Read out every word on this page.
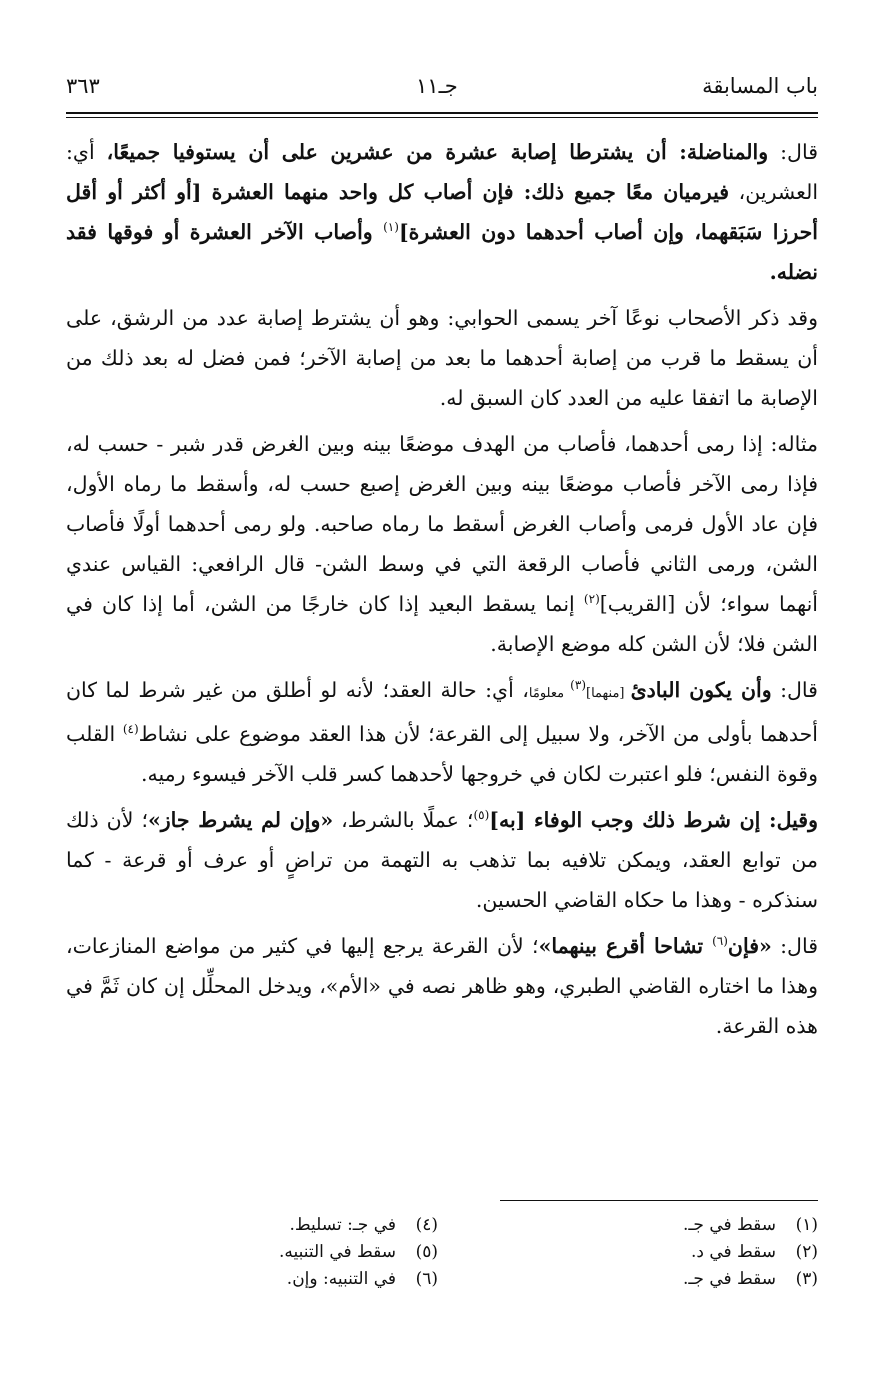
باب المسابقة
جـ١١
٣٦٣

قال: والمناضلة: أن يشترطا إصابة عشرة من عشرين على أن يستوفيا جميعًا، أي: العشرين، فيرميان معًا جميع ذلك: فإن أصاب كل واحد منهما العشرة [أو أكثر أو أقل أحرزا سَبَقهما، وإن أصاب أحدهما دون العشرة]$^{(١)}$ وأصاب الآخر العشرة أو فوقها فقد نضله.

وقد ذكر الأصحاب نوعًا آخر يسمى الحوابي: وهو أن يشترط إصابة عدد من الرشق، على أن يسقط ما قرب من إصابة أحدهما ما بعد من إصابة الآخر؛ فمن فضل له بعد ذلك من الإصابة ما اتفقا عليه من العدد كان السبق له.

مثاله: إذا رمى أحدهما، فأصاب من الهدف موضعًا بينه وبين الغرض قدر شبر - حسب له، فإذا رمى الآخر فأصاب موضعًا بينه وبين الغرض إصبع حسب له، وأسقط ما رماه الأول، فإن عاد الأول فرمى وأصاب الغرض أسقط ما رماه صاحبه. ولو رمى أحدهما أولًا فأصاب الشن، ورمى الثاني فأصاب الرقعة التي في وسط الشن- قال الرافعي: القياس عندي أنهما سواء؛ لأن [القريب]$^{(٢)}$ إنما يسقط البعيد إذا كان خارجًا من الشن، أما إذا كان في الشن فلا؛ لأن الشن كله موضع الإصابة.

قال: وأن يكون البادئ [منهما]$^{(٣)}$ معلومًا، أي: حالة العقد؛ لأنه لو أطلق من غير شرط لما كان أحدهما بأولى من الآخر، ولا سبيل إلى القرعة؛ لأن هذا العقد موضوع على نشاط$^{(٤)}$ القلب وقوة النفس؛ فلو اعتبرت لكان في خروجها لأحدهما كسر قلب الآخر فيسوء رميه.

وقيل: إن شرط ذلك وجب الوفاء [به]$^{(٥)}$؛ عملًا بالشرط، «وإن لم يشرط جاز»؛ لأن ذلك من توابع العقد، ويمكن تلافيه بما تذهب به التهمة من تراضٍ أو عرف أو قرعة - كما سنذكره - وهذا ما حكاه القاضي الحسين.

قال: «فإن$^{(٦)}$ تشاحا أقرع بينهما»؛ لأن القرعة يرجع إليها في كثير من مواضع المنازعات، وهذا ما اختاره القاضي الطبري، وهو ظاهر نصه في «الأم»، ويدخل المحلِّل إن كان ثَمَّ في هذه القرعة.

(١)سقط في جـ.
(٢)سقط في د.
(٣)سقط في جـ.
(٤)في جـ: تسليط.
(٥)سقط في التنبيه.
(٦)في التنبيه: وإن.
